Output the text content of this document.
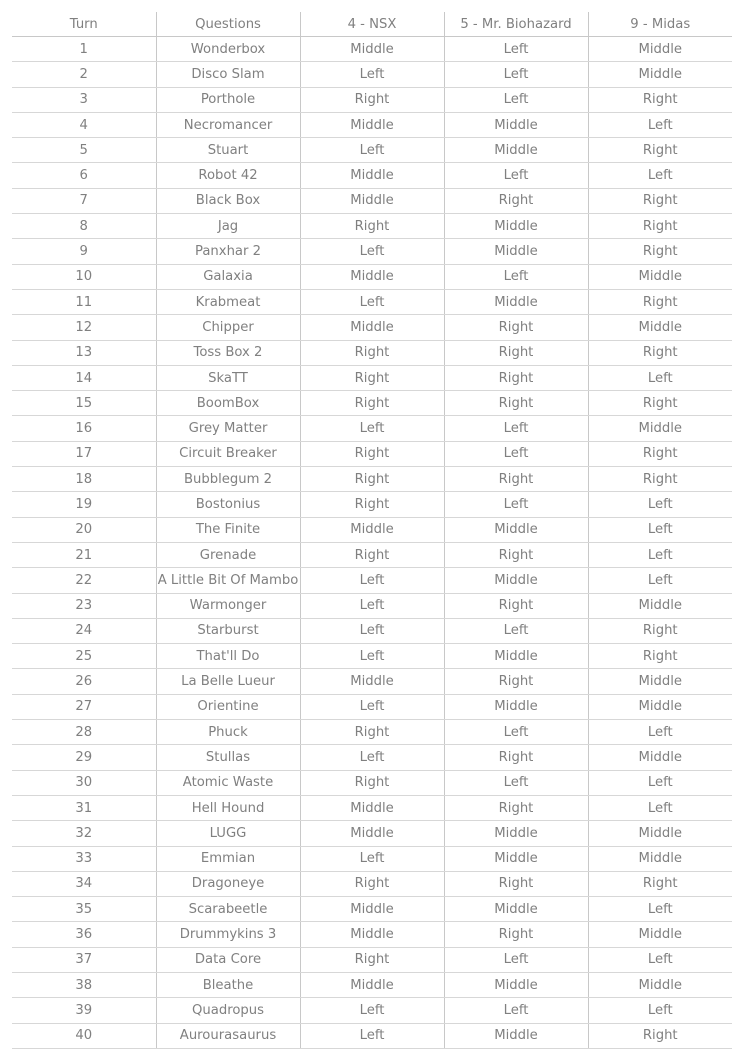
Turn	Questions	4 - NSX	5 - Mr. Biohazard	9 - Midas
1	Wonderbox	Middle	Left	Middle
2	Disco Slam	Left	Left	Middle
3	Porthole	Right	Left	Right
4	Necromancer	Middle	Middle	Left
5	Stuart	Left	Middle	Right
6	Robot 42	Middle	Left	Left
7	Black Box	Middle	Right	Right
8	Jag	Right	Middle	Right
9	Panxhar 2	Left	Middle	Right
10	Galaxia	Middle	Left	Middle
11	Krabmeat	Left	Middle	Right
12	Chipper	Middle	Right	Middle
13	Toss Box 2	Right	Right	Right
14	SkaTT	Right	Right	Left
15	BoomBox	Right	Right	Right
16	Grey Matter	Left	Left	Middle
17	Circuit Breaker	Right	Left	Right
18	Bubblegum 2	Right	Right	Right
19	Bostonius	Right	Left	Left
20	The Finite	Middle	Middle	Left
21	Grenade	Right	Right	Left
22	A Little Bit Of Mambo	Left	Middle	Left
23	Warmonger	Left	Right	Middle
24	Starburst	Left	Left	Right
25	That'll Do	Left	Middle	Right
26	La Belle Lueur	Middle	Right	Middle
27	Orientine	Left	Middle	Middle
28	Phuck	Right	Left	Left
29	Stullas	Left	Right	Middle
30	Atomic Waste	Right	Left	Left
31	Hell Hound	Middle	Right	Left
32	LUGG	Middle	Middle	Middle
33	Emmian	Left	Middle	Middle
34	Dragoneye	Right	Right	Right
35	Scarabeetle	Middle	Middle	Left
36	Drummykins 3	Middle	Right	Middle
37	Data Core	Right	Left	Left
38	Bleathe	Middle	Middle	Middle
39	Quadropus	Left	Left	Left
40	Aurourasaurus	Left	Middle	Right
